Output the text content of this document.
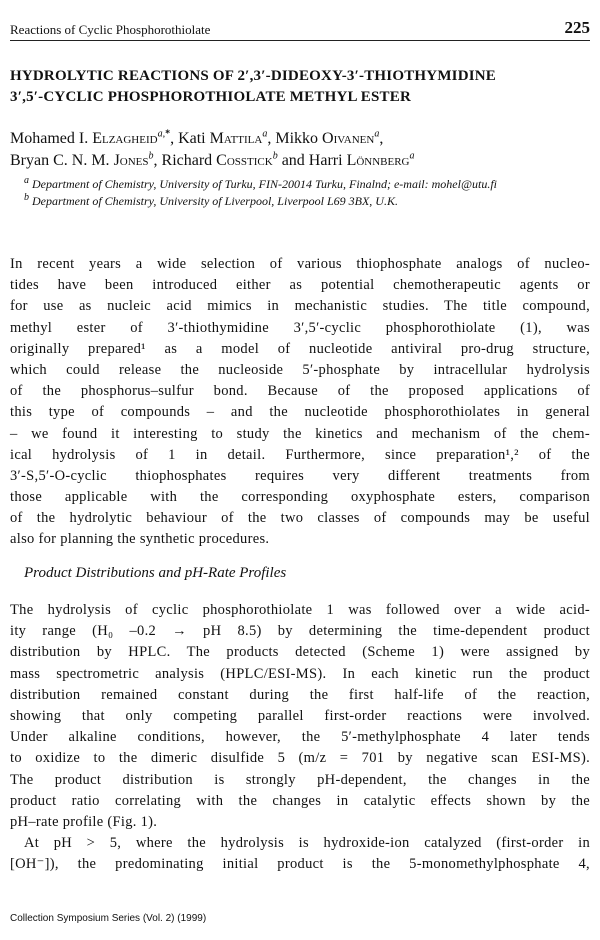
Reactions of Cyclic Phosphorothiolate	225
HYDROLYTIC REACTIONS OF 2′,3′-DIDEOXY-3′-THIOTHYMIDINE
3′,5′-CYCLIC PHOSPHOROTHIOLATE METHYL ESTER
Mohamed I. Elzagheid$^{a,*}$, Kati Mattila$^a$, Mikko Oivanen$^a$,
Bryan C. N. M. Jones$^b$, Richard Cosstick$^b$ and Harri Lönnberg$^a$
$^a$ Department of Chemistry, University of Turku, FIN-20014 Turku, Finalnd; e-mail: mohel@utu.fi
$^b$ Department of Chemistry, University of Liverpool, Liverpool L69 3BX, U.K.
In recent years a wide selection of various thiophosphate analogs of nucleo-
tides have been introduced either as potential chemotherapeutic agents or
for use as nucleic acid mimics in mechanistic studies. The title compound,
methyl ester of 3′-thiothymidine 3′,5′-cyclic phosphorothiolate (1), was
originally prepared¹ as a model of nucleotide antiviral pro-drug structure,
which could release the nucleoside 5′-phosphate by intracellular hydrolysis
of the phosphorus–sulfur bond. Because of the proposed applications of
this type of compounds – and the nucleotide phosphorothiolates in general
– we found it interesting to study the kinetics and mechanism of the chem-
ical hydrolysis of 1 in detail. Furthermore, since preparation¹,² of the
3′-S,5′-O-cyclic thiophosphates requires very different treatments from
those applicable with the corresponding oxyphosphate esters, comparison
of the hydrolytic behaviour of the two classes of compounds may be useful
also for planning the synthetic procedures.
Product Distributions and pH-Rate Profiles
The hydrolysis of cyclic phosphorothiolate 1 was followed over a wide acid-
ity range (H₀ –0.2 → pH 8.5) by determining the time-dependent product
distribution by HPLC. The products detected (Scheme 1) were assigned by
mass spectrometric analysis (HPLC/ESI-MS). In each kinetic run the product
distribution remained constant during the first half-life of the reaction,
showing that only competing parallel first-order reactions were involved.
Under alkaline conditions, however, the 5′-methylphosphate 4 later tends
to oxidize to the dimeric disulfide 5 (m/z = 701 by negative scan ESI-MS).
The product distribution is strongly pH-dependent, the changes in the
product ratio correlating with the changes in catalytic effects shown by the
pH–rate profile (Fig. 1).
At pH > 5, where the hydrolysis is hydroxide-ion catalyzed (first-order in
[OH⁻]), the predominating initial product is the 5-monomethylphosphate 4,
Collection Symposium Series (Vol. 2) (1999)
